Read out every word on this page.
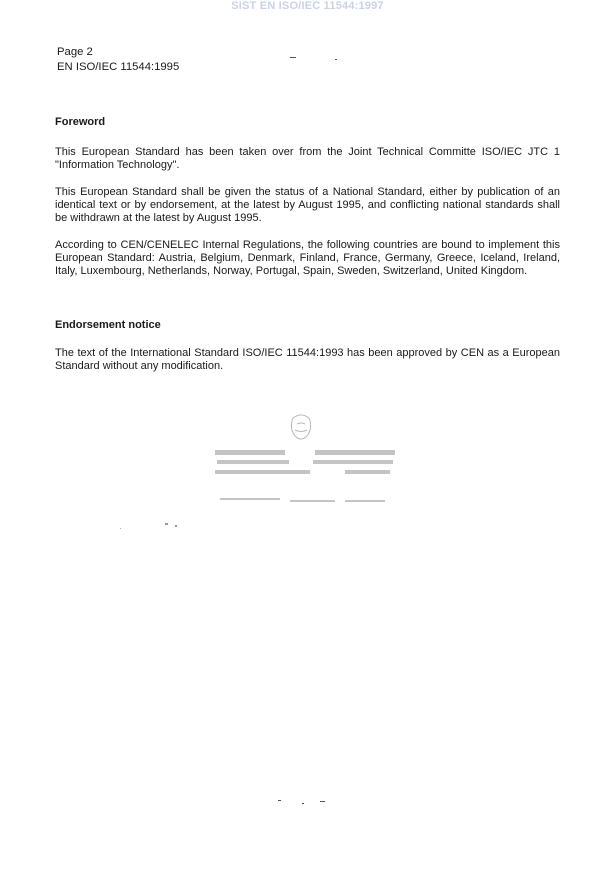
SIST EN ISO/IEC 11544:1997
Page 2
EN ISO/IEC 11544:1995
Foreword
This European Standard has been taken over from the Joint Technical Committe ISO/IEC JTC 1 "Information Technology".
This European Standard shall be given the status of a National Standard, either by publication of an identical text or by endorsement, at the latest by August 1995, and conflicting national standards shall be withdrawn at the latest by August 1995.
According to CEN/CENELEC Internal Regulations, the following countries are bound to implement this European Standard: Austria, Belgium, Denmark, Finland, France, Germany, Greece, Iceland, Ireland, Italy, Luxembourg, Netherlands, Norway, Portugal, Spain, Sweden, Switzerland, United Kingdom.
Endorsement notice
The text of the International Standard ISO/IEC 11544:1993 has been approved by CEN as a European Standard without any modification.
